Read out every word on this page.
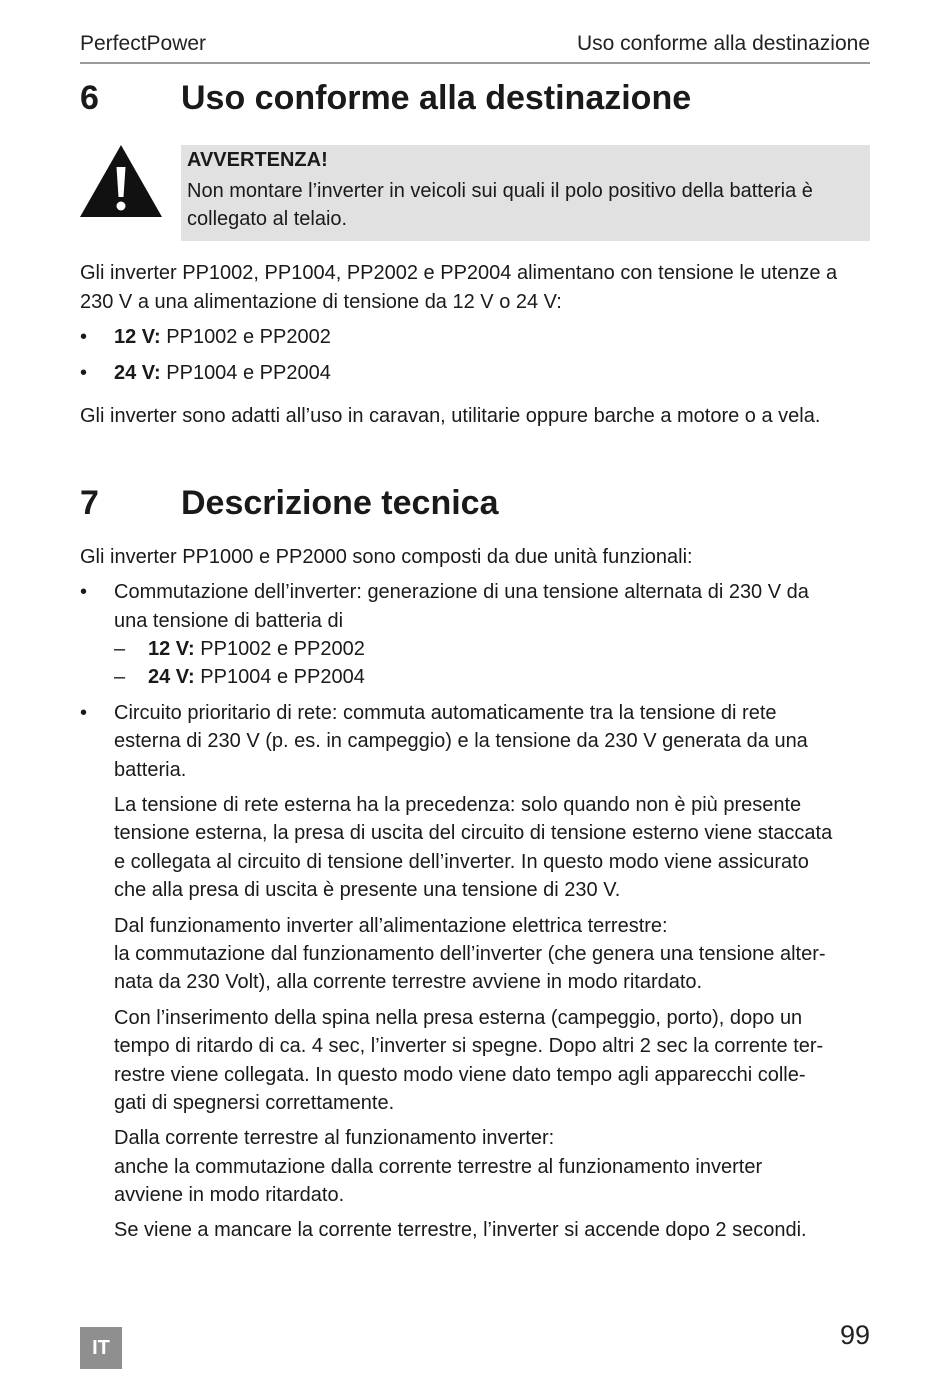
PerfectPower	Uso conforme alla destinazione
6 Uso conforme alla destinazione
AVVERTENZA!
Non montare l’inverter in veicoli sui quali il polo positivo della batteria è collegato al telaio.
Gli inverter PP1002, PP1004, PP2002 e PP2004 alimentano con tensione le utenze a 230 V a una alimentazione di tensione da 12 V o 24 V:
• 12 V: PP1002 e PP2002
• 24 V: PP1004 e PP2004
Gli inverter sono adatti all’uso in caravan, utilitarie oppure barche a motore o a vela.
7 Descrizione tecnica
Gli inverter PP1000 e PP2000 sono composti da due unità funzionali:
• Commutazione dell’inverter: generazione di una tensione alternata di 230 V da
una tensione di batteria di
– 12 V: PP1002 e PP2002
– 24 V: PP1004 e PP2004
• Circuito prioritario di rete: commuta automaticamente tra la tensione di rete
esterna di 230 V (p. es. in campeggio) e la tensione da 230 V generata da una
batteria.
La tensione di rete esterna ha la precedenza: solo quando non è più presente
tensione esterna, la presa di uscita del circuito di tensione esterno viene staccata
e collegata al circuito di tensione dell’inverter. In questo modo viene assicurato
che alla presa di uscita è presente una tensione di 230 V.
Dal funzionamento inverter all’alimentazione elettrica terrestre:
la commutazione dal funzionamento dell’inverter (che genera una tensione alter-
nata da 230 Volt), alla corrente terrestre avviene in modo ritardato.
Con l’inserimento della spina nella presa esterna (campeggio, porto), dopo un
tempo di ritardo di ca. 4 sec, l’inverter si spegne. Dopo altri 2 sec la corrente ter-
restre viene collegata. In questo modo viene dato tempo agli apparecchi colle-
gati di spegnersi correttamente.
Dalla corrente terrestre al funzionamento inverter:
anche la commutazione dalla corrente terrestre al funzionamento inverter
avviene in modo ritardato.
Se viene a mancare la corrente terrestre, l’inverter si accende dopo 2 secondi.
IT	99
